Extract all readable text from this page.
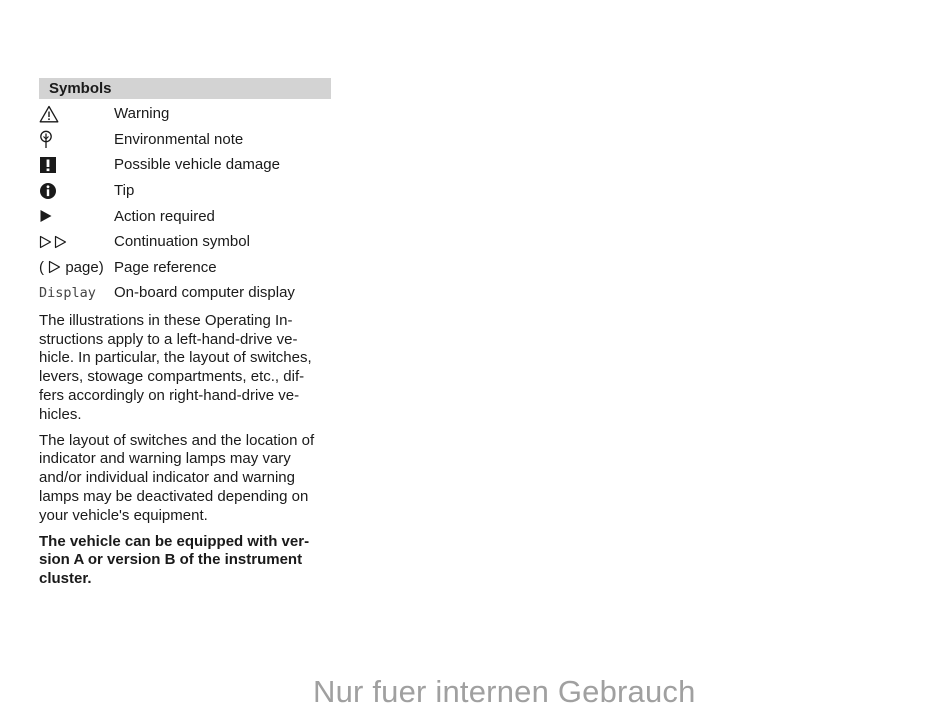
Symbols
Warning
Environmental note
Possible vehicle damage
Tip
Action required
Continuation symbol
( page) Page reference
Display On-board computer display

The illustrations in these Operating In-
structions apply to a left-hand-drive ve-
hicle. In particular, the layout of switches,
levers, stowage compartments, etc., dif-
fers accordingly on right-hand-drive ve-
hicles.

The layout of switches and the location of
indicator and warning lamps may vary
and/or individual indicator and warning
lamps may be deactivated depending on
your vehicle's equipment.

The vehicle can be equipped with ver-
sion A or version B of the instrument
cluster.

Nur fuer internen Gebrauch
